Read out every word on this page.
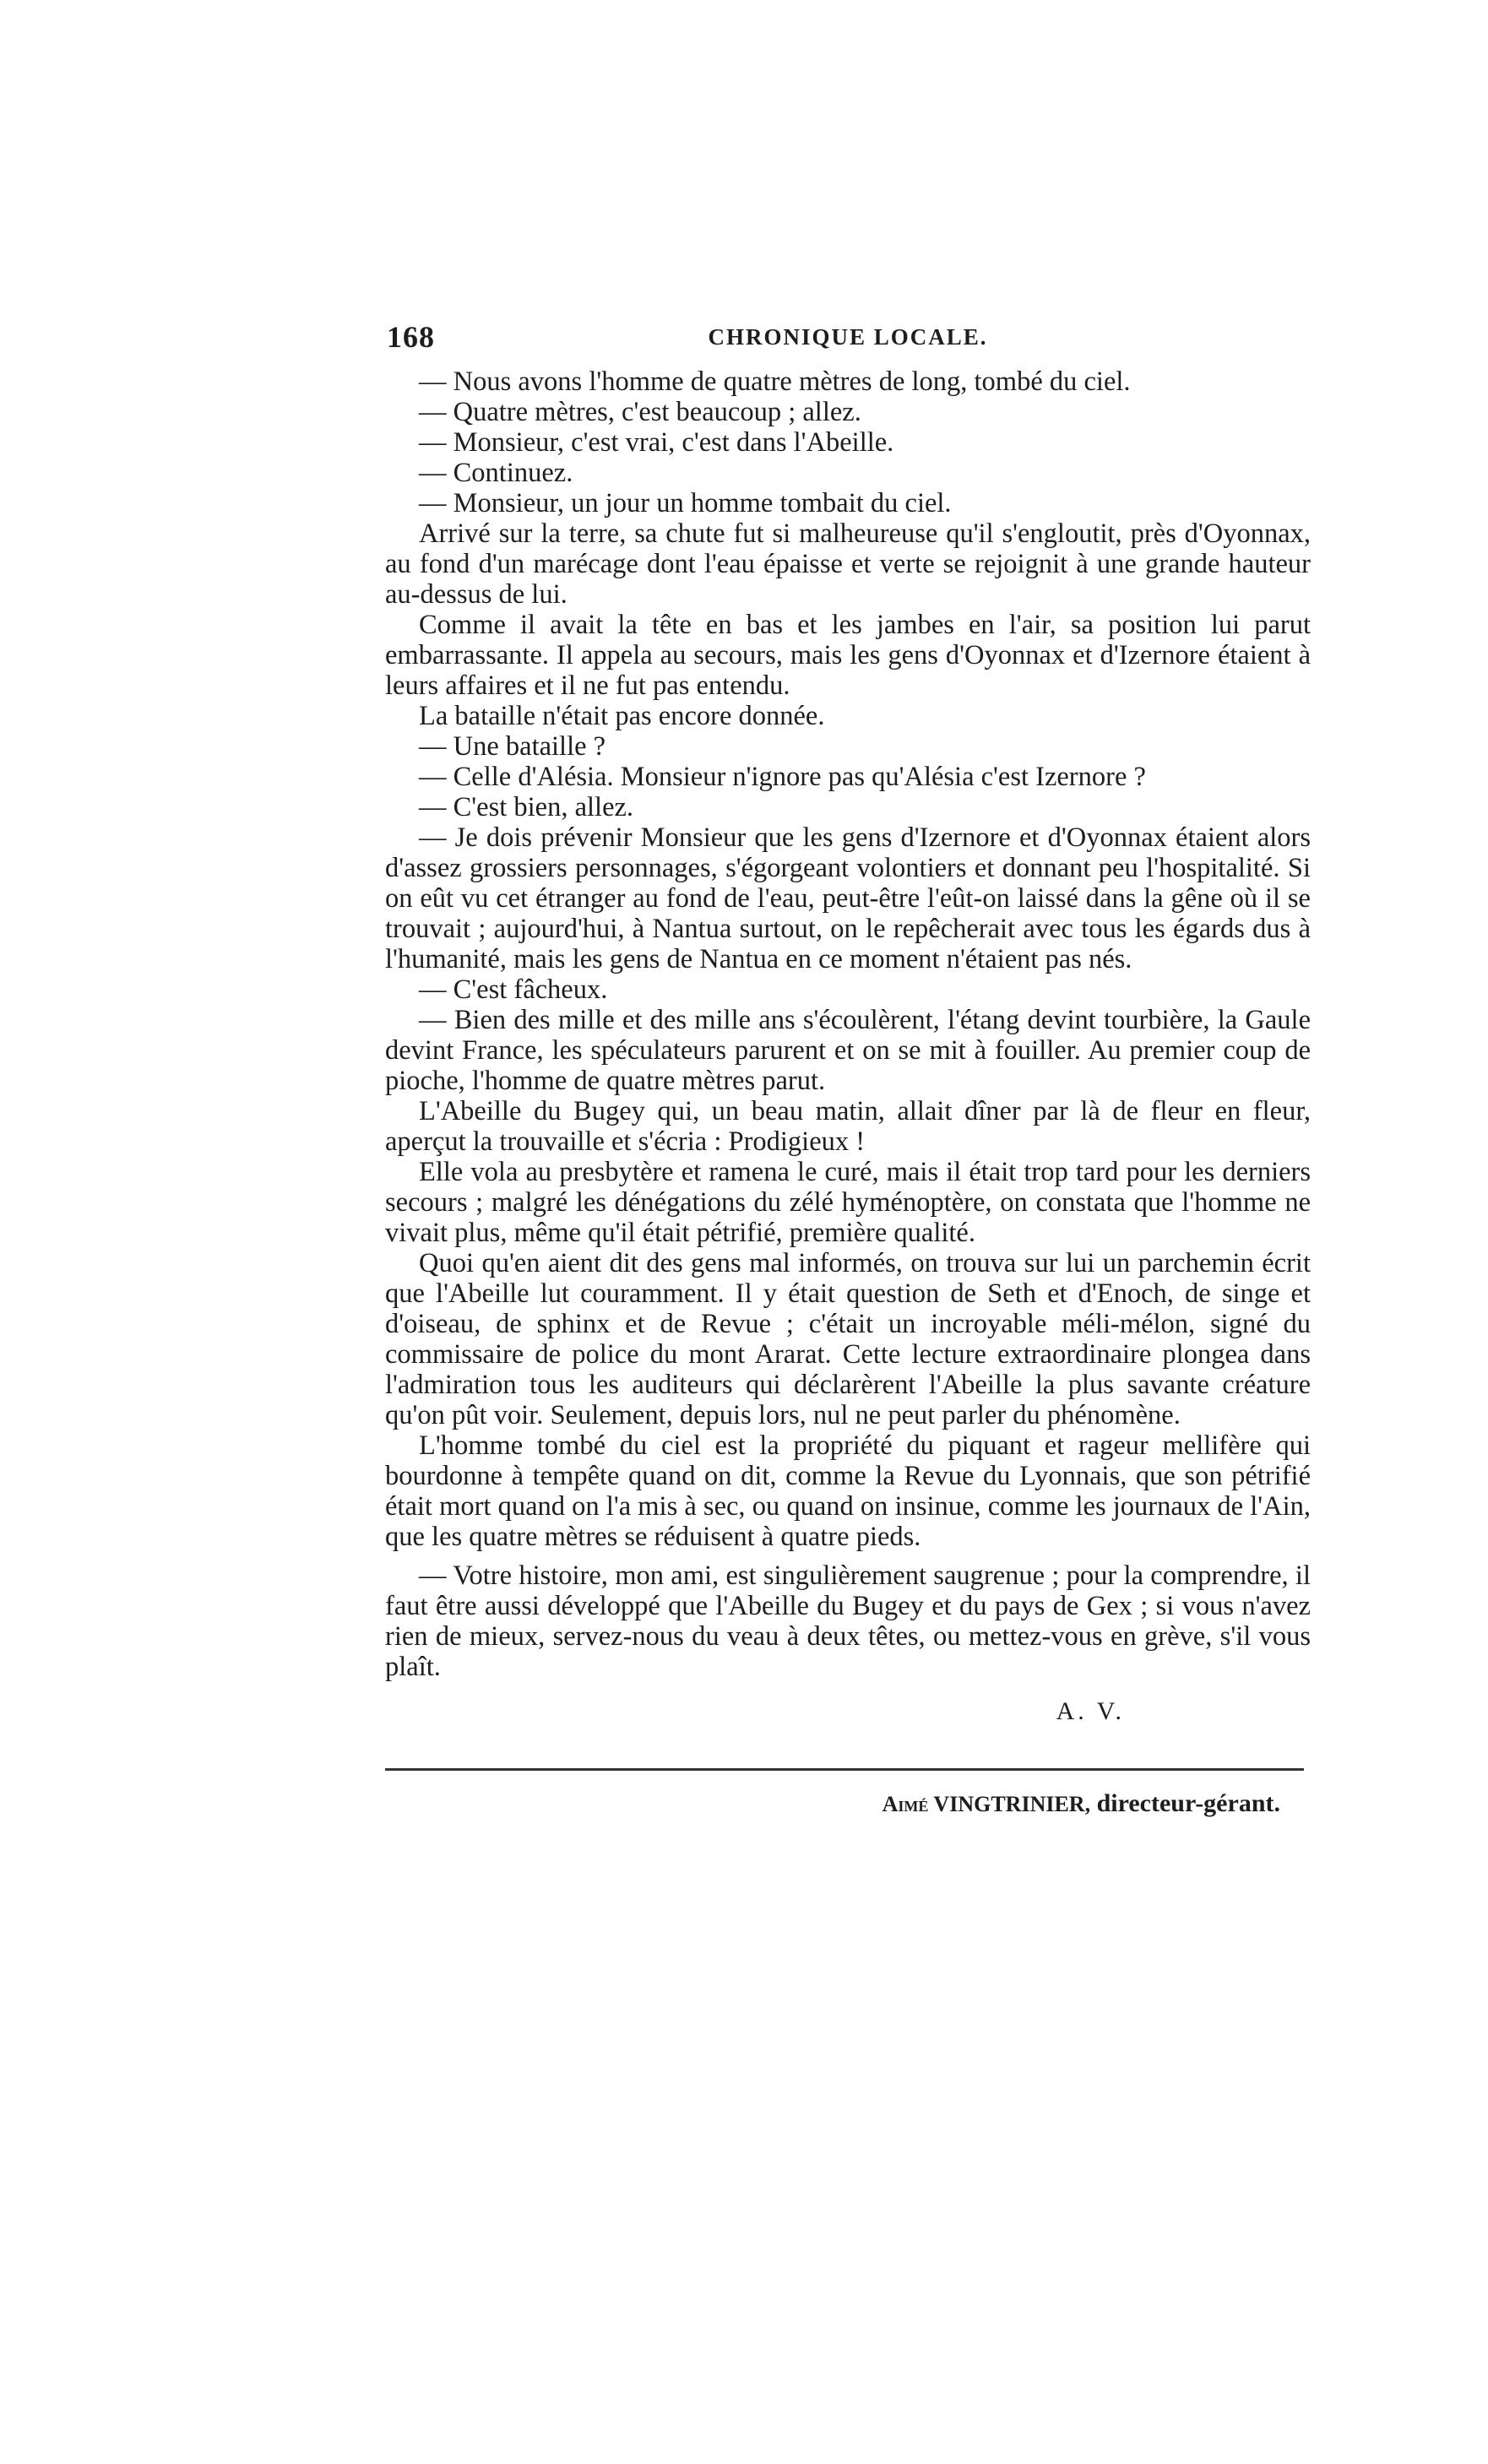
168	CHRONIQUE LOCALE.

— Nous avons l'homme de quatre mètres de long, tombé du ciel.

— Quatre mètres, c'est beaucoup ; allez.

— Monsieur, c'est vrai, c'est dans l'Abeille.

— Continuez.

— Monsieur, un jour un homme tombait du ciel.

Arrivé sur la terre, sa chute fut si malheureuse qu'il s'engloutit, près d'Oyonnax, au fond d'un marécage dont l'eau épaisse et verte se rejoignit à une grande hauteur au-dessus de lui.

Comme il avait la tête en bas et les jambes en l'air, sa position lui parut embarrassante. Il appela au secours, mais les gens d'Oyonnax et d'Izernore étaient à leurs affaires et il ne fut pas entendu.

La bataille n'était pas encore donnée.

— Une bataille ?

— Celle d'Alésia. Monsieur n'ignore pas qu'Alésia c'est Izernore ?

— C'est bien, allez.

— Je dois prévenir Monsieur que les gens d'Izernore et d'Oyonnax étaient alors d'assez grossiers personnages, s'égorgeant volontiers et donnant peu l'hospitalité. Si on eût vu cet étranger au fond de l'eau, peut-être l'eût-on laissé dans la gêne où il se trouvait ; aujourd'hui, à Nantua surtout, on le repêcherait avec tous les égards dus à l'humanité, mais les gens de Nantua en ce moment n'étaient pas nés.

— C'est fâcheux.

— Bien des mille et des mille ans s'écoulèrent, l'étang devint tourbière, la Gaule devint France, les spéculateurs parurent et on se mit à fouiller. Au premier coup de pioche, l'homme de quatre mètres parut.

L'Abeille du Bugey qui, un beau matin, allait dîner par là de fleur en fleur, aperçut la trouvaille et s'écria : Prodigieux !

Elle vola au presbytère et ramena le curé, mais il était trop tard pour les derniers secours ; malgré les dénégations du zélé hyménoptère, on constata que l'homme ne vivait plus, même qu'il était pétrifié, première qualité.

Quoi qu'en aient dit des gens mal informés, on trouva sur lui un parchemin écrit que l'Abeille lut couramment. Il y était question de Seth et d'Enoch, de singe et d'oiseau, de sphinx et de Revue ; c'était un incroyable méli-mélon, signé du commissaire de police du mont Ararat. Cette lecture extraordinaire plongea dans l'admiration tous les auditeurs qui déclarèrent l'Abeille la plus savante créature qu'on pût voir. Seulement, depuis lors, nul ne peut parler du phénomène.

L'homme tombé du ciel est la propriété du piquant et rageur mellifère qui bourdonne à tempête quand on dit, comme la Revue du Lyonnais, que son pétrifié était mort quand on l'a mis à sec, ou quand on insinue, comme les journaux de l'Ain, que les quatre mètres se réduisent à quatre pieds.

— Votre histoire, mon ami, est singulièrement saugrenue ; pour la comprendre, il faut être aussi développé que l'Abeille du Bugey et du pays de Gex ; si vous n'avez rien de mieux, servez-nous du veau à deux têtes, ou mettez-vous en grève, s'il vous plaît.

A. V.
Aimé VINGTRINIER, directeur-gérant.
